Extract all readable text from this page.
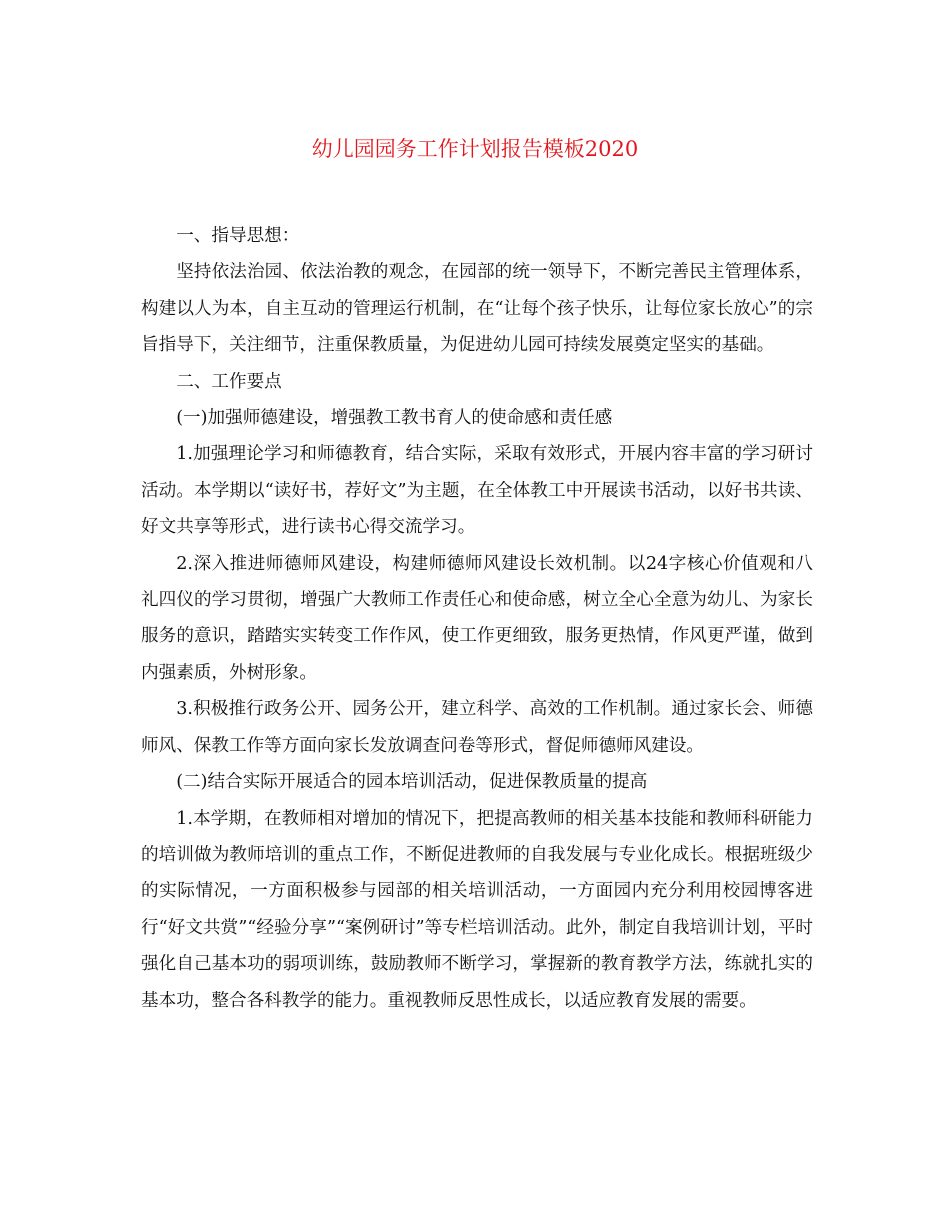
幼儿园园务工作计划报告模板2020

一、指导思想：

坚持依法治园、依法治教的观念，在园部的统一领导下，不断完善民主管理体系，构建以人为本，自主互动的管理运行机制，在“让每个孩子快乐，让每位家长放心”的宗旨指导下，关注细节，注重保教质量，为促进幼儿园可持续发展奠定坚实的基础。

二、工作要点

(一)加强师德建设，增强教工教书育人的使命感和责任感

1.加强理论学习和师德教育，结合实际，采取有效形式，开展内容丰富的学习研讨活动。本学期以“读好书，荐好文”为主题，在全体教工中开展读书活动，以好书共读、好文共享等形式，进行读书心得交流学习。

2.深入推进师德师风建设，构建师德师风建设长效机制。以24字核心价值观和八礼四仪的学习贯彻，增强广大教师工作责任心和使命感，树立全心全意为幼儿、为家长服务的意识，踏踏实实转变工作作风，使工作更细致，服务更热情，作风更严谨，做到内强素质，外树形象。

3.积极推行政务公开、园务公开，建立科学、高效的工作机制。通过家长会、师德师风、保教工作等方面向家长发放调查问卷等形式，督促师德师风建设。

(二)结合实际开展适合的园本培训活动，促进保教质量的提高

1.本学期，在教师相对增加的情况下，把提高教师的相关基本技能和教师科研能力的培训做为教师培训的重点工作，不断促进教师的自我发展与专业化成长。根据班级少的实际情况，一方面积极参与园部的相关培训活动，一方面园内充分利用校园博客进行“好文共赏”“经验分享”“案例研讨”等专栏培训活动。此外，制定自我培训计划，平时强化自己基本功的弱项训练，鼓励教师不断学习，掌握新的教育教学方法，练就扎实的基本功，整合各科教学的能力。重视教师反思性成长，以适应教育发展的需要。
